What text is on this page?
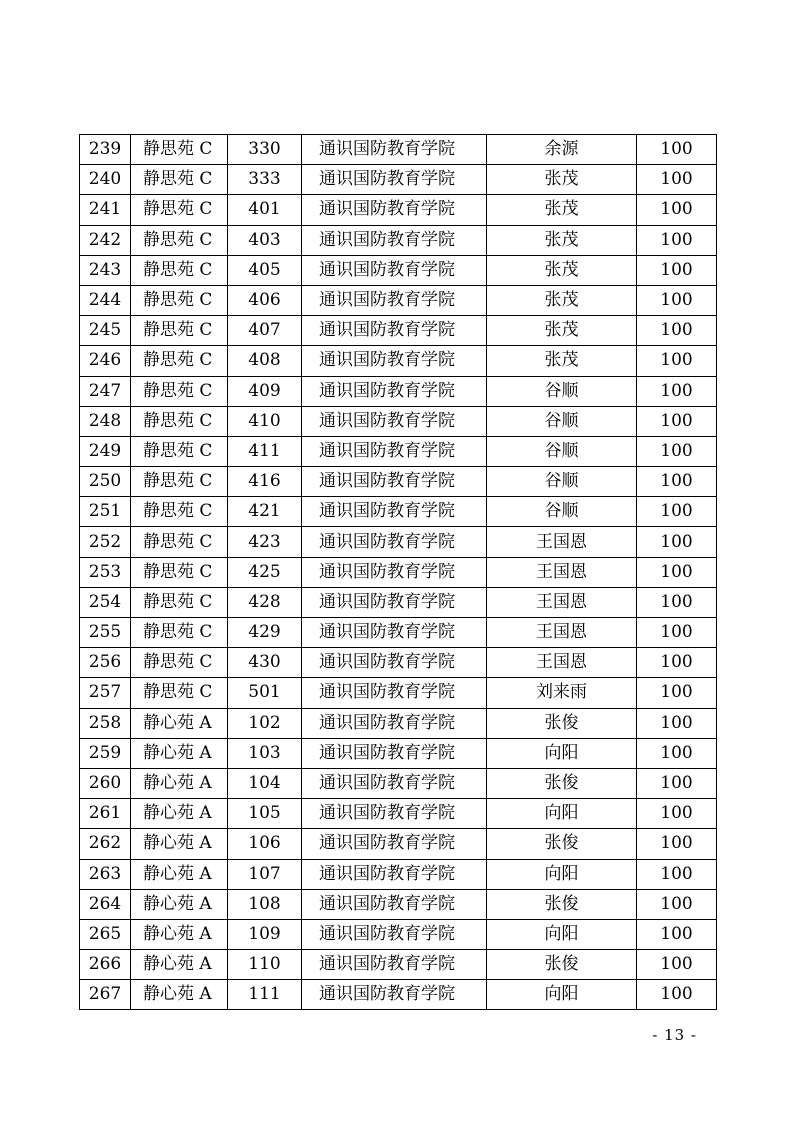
239	静思苑 C	330	通识国防教育学院	余源	100
240	静思苑 C	333	通识国防教育学院	张茂	100
241	静思苑 C	401	通识国防教育学院	张茂	100
242	静思苑 C	403	通识国防教育学院	张茂	100
243	静思苑 C	405	通识国防教育学院	张茂	100
244	静思苑 C	406	通识国防教育学院	张茂	100
245	静思苑 C	407	通识国防教育学院	张茂	100
246	静思苑 C	408	通识国防教育学院	张茂	100
247	静思苑 C	409	通识国防教育学院	谷顺	100
248	静思苑 C	410	通识国防教育学院	谷顺	100
249	静思苑 C	411	通识国防教育学院	谷顺	100
250	静思苑 C	416	通识国防教育学院	谷顺	100
251	静思苑 C	421	通识国防教育学院	谷顺	100
252	静思苑 C	423	通识国防教育学院	王国恩	100
253	静思苑 C	425	通识国防教育学院	王国恩	100
254	静思苑 C	428	通识国防教育学院	王国恩	100
255	静思苑 C	429	通识国防教育学院	王国恩	100
256	静思苑 C	430	通识国防教育学院	王国恩	100
257	静思苑 C	501	通识国防教育学院	刘来雨	100
258	静心苑 A	102	通识国防教育学院	张俊	100
259	静心苑 A	103	通识国防教育学院	向阳	100
260	静心苑 A	104	通识国防教育学院	张俊	100
261	静心苑 A	105	通识国防教育学院	向阳	100
262	静心苑 A	106	通识国防教育学院	张俊	100
263	静心苑 A	107	通识国防教育学院	向阳	100
264	静心苑 A	108	通识国防教育学院	张俊	100
265	静心苑 A	109	通识国防教育学院	向阳	100
266	静心苑 A	110	通识国防教育学院	张俊	100
267	静心苑 A	111	通识国防教育学院	向阳	100
- 13 -
